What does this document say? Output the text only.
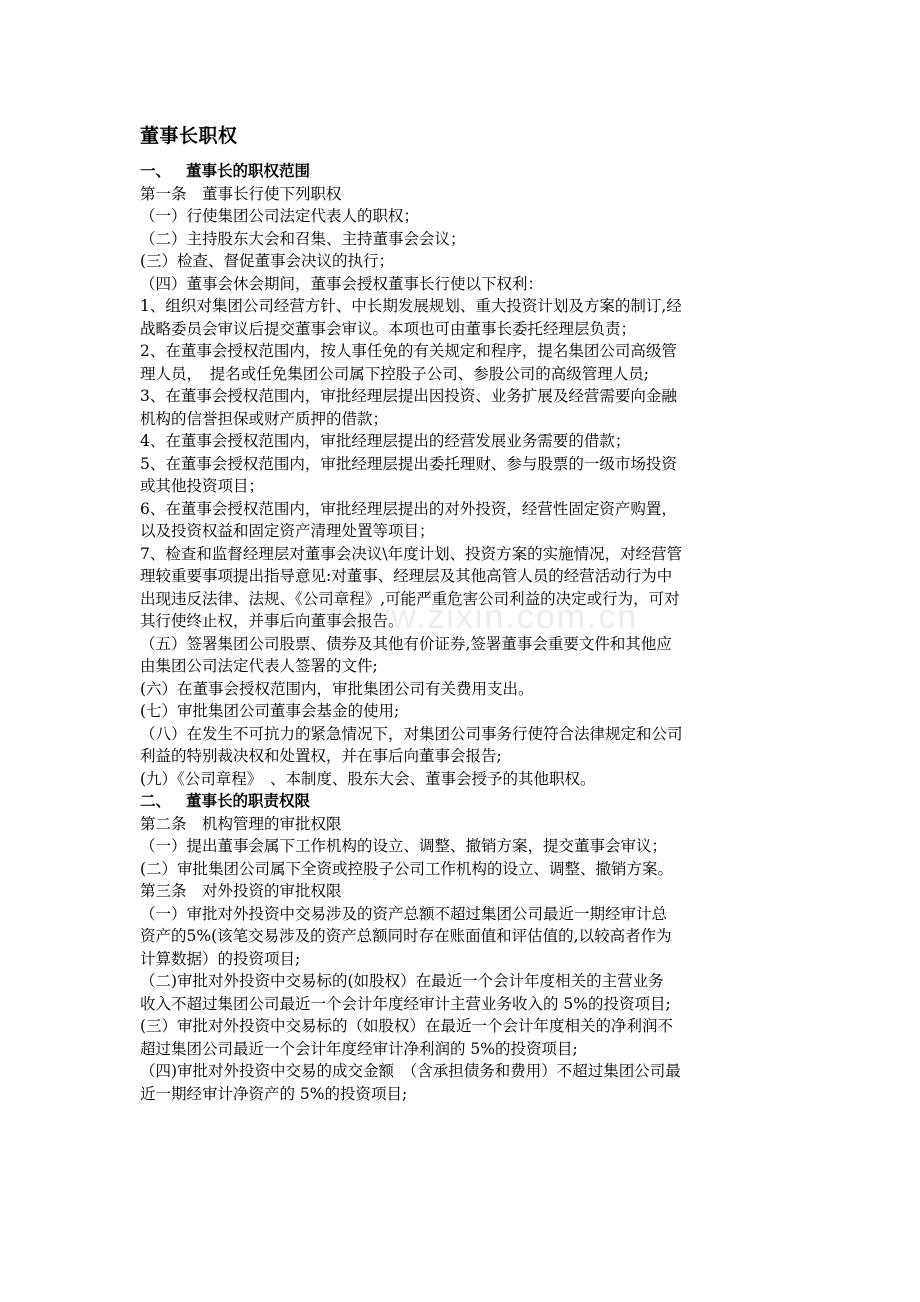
www.zixin.com.cn
董事长职权
一、 董事长的职权范围
第一条　董事长行使下列职权
（一）行使集团公司法定代表人的职权；
（二）主持股东大会和召集、主持董事会会议；
(三）检查、督促董事会决议的执行；
（四）董事会休会期间，董事会授权董事长行使以下权利：
1、组织对集团公司经营方针、中长期发展规划、重大投资计划及方案的制订,经
战略委员会审议后提交董事会审议。本项也可由董事长委托经理层负责；
2、在董事会授权范围内，按人事任免的有关规定和程序，提名集团公司高级管
理人员，　提名或任免集团公司属下控股子公司、参股公司的高级管理人员;
3、在董事会授权范围内，审批经理层提出因投资、业务扩展及经营需要向金融
机构的信誉担保或财产质押的借款；
4、在董事会授权范围内，审批经理层提出的经营发展业务需要的借款；
5、在董事会授权范围内，审批经理层提出委托理财、参与股票的一级市场投资
或其他投资项目；
6、在董事会授权范围内，审批经理层提出的对外投资，经营性固定资产购置，
以及投资权益和固定资产清理处置等项目；
7、检查和监督经理层对董事会决议\年度计划、投资方案的实施情况，对经营管
理较重要事项提出指导意见:对董事、经理层及其他高管人员的经营活动行为中
出现违反法律、法规、《公司章程》,可能严重危害公司利益的决定或行为，可对
其行使终止权，并事后向董事会报告。
（五）签署集团公司股票、债券及其他有价证券,签署董事会重要文件和其他应
由集团公司法定代表人签署的文件;
(六）在董事会授权范围内，审批集团公司有关费用支出。
(七）审批集团公司董事会基金的使用;
（八）在发生不可抗力的紧急情况下，对集团公司事务行使符合法律规定和公司
利益的特别裁决权和处置权，并在事后向董事会报告;
(九）《公司章程》　、本制度、股东大会、董事会授予的其他职权。
二、 董事长的职责权限
第二条　机构管理的审批权限
（一）提出董事会属下工作机构的设立、调整、撤销方案，提交董事会审议；
(二）审批集团公司属下全资或控股子公司工作机构的设立、调整、撤销方案。
第三条　对外投资的审批权限
（一）审批对外投资中交易涉及的资产总额不超过集团公司最近一期经审计总
资产的5%(该笔交易涉及的资产总额同时存在账面值和评估值的,以较高者作为
计算数据）的投资项目;
（二)审批对外投资中交易标的(如股权）在最近一个会计年度相关的主营业务
收入不超过集团公司最近一个会计年度经审计主营业务收入的 5%的投资项目;
(三）审批对外投资中交易标的（如股权）在最近一个会计年度相关的净利润不
超过集团公司最近一个会计年度经审计净利润的 5%的投资项目;
（四)审批对外投资中交易的成交金额　（含承担债务和费用）不超过集团公司最
近一期经审计净资产的 5%的投资项目;
